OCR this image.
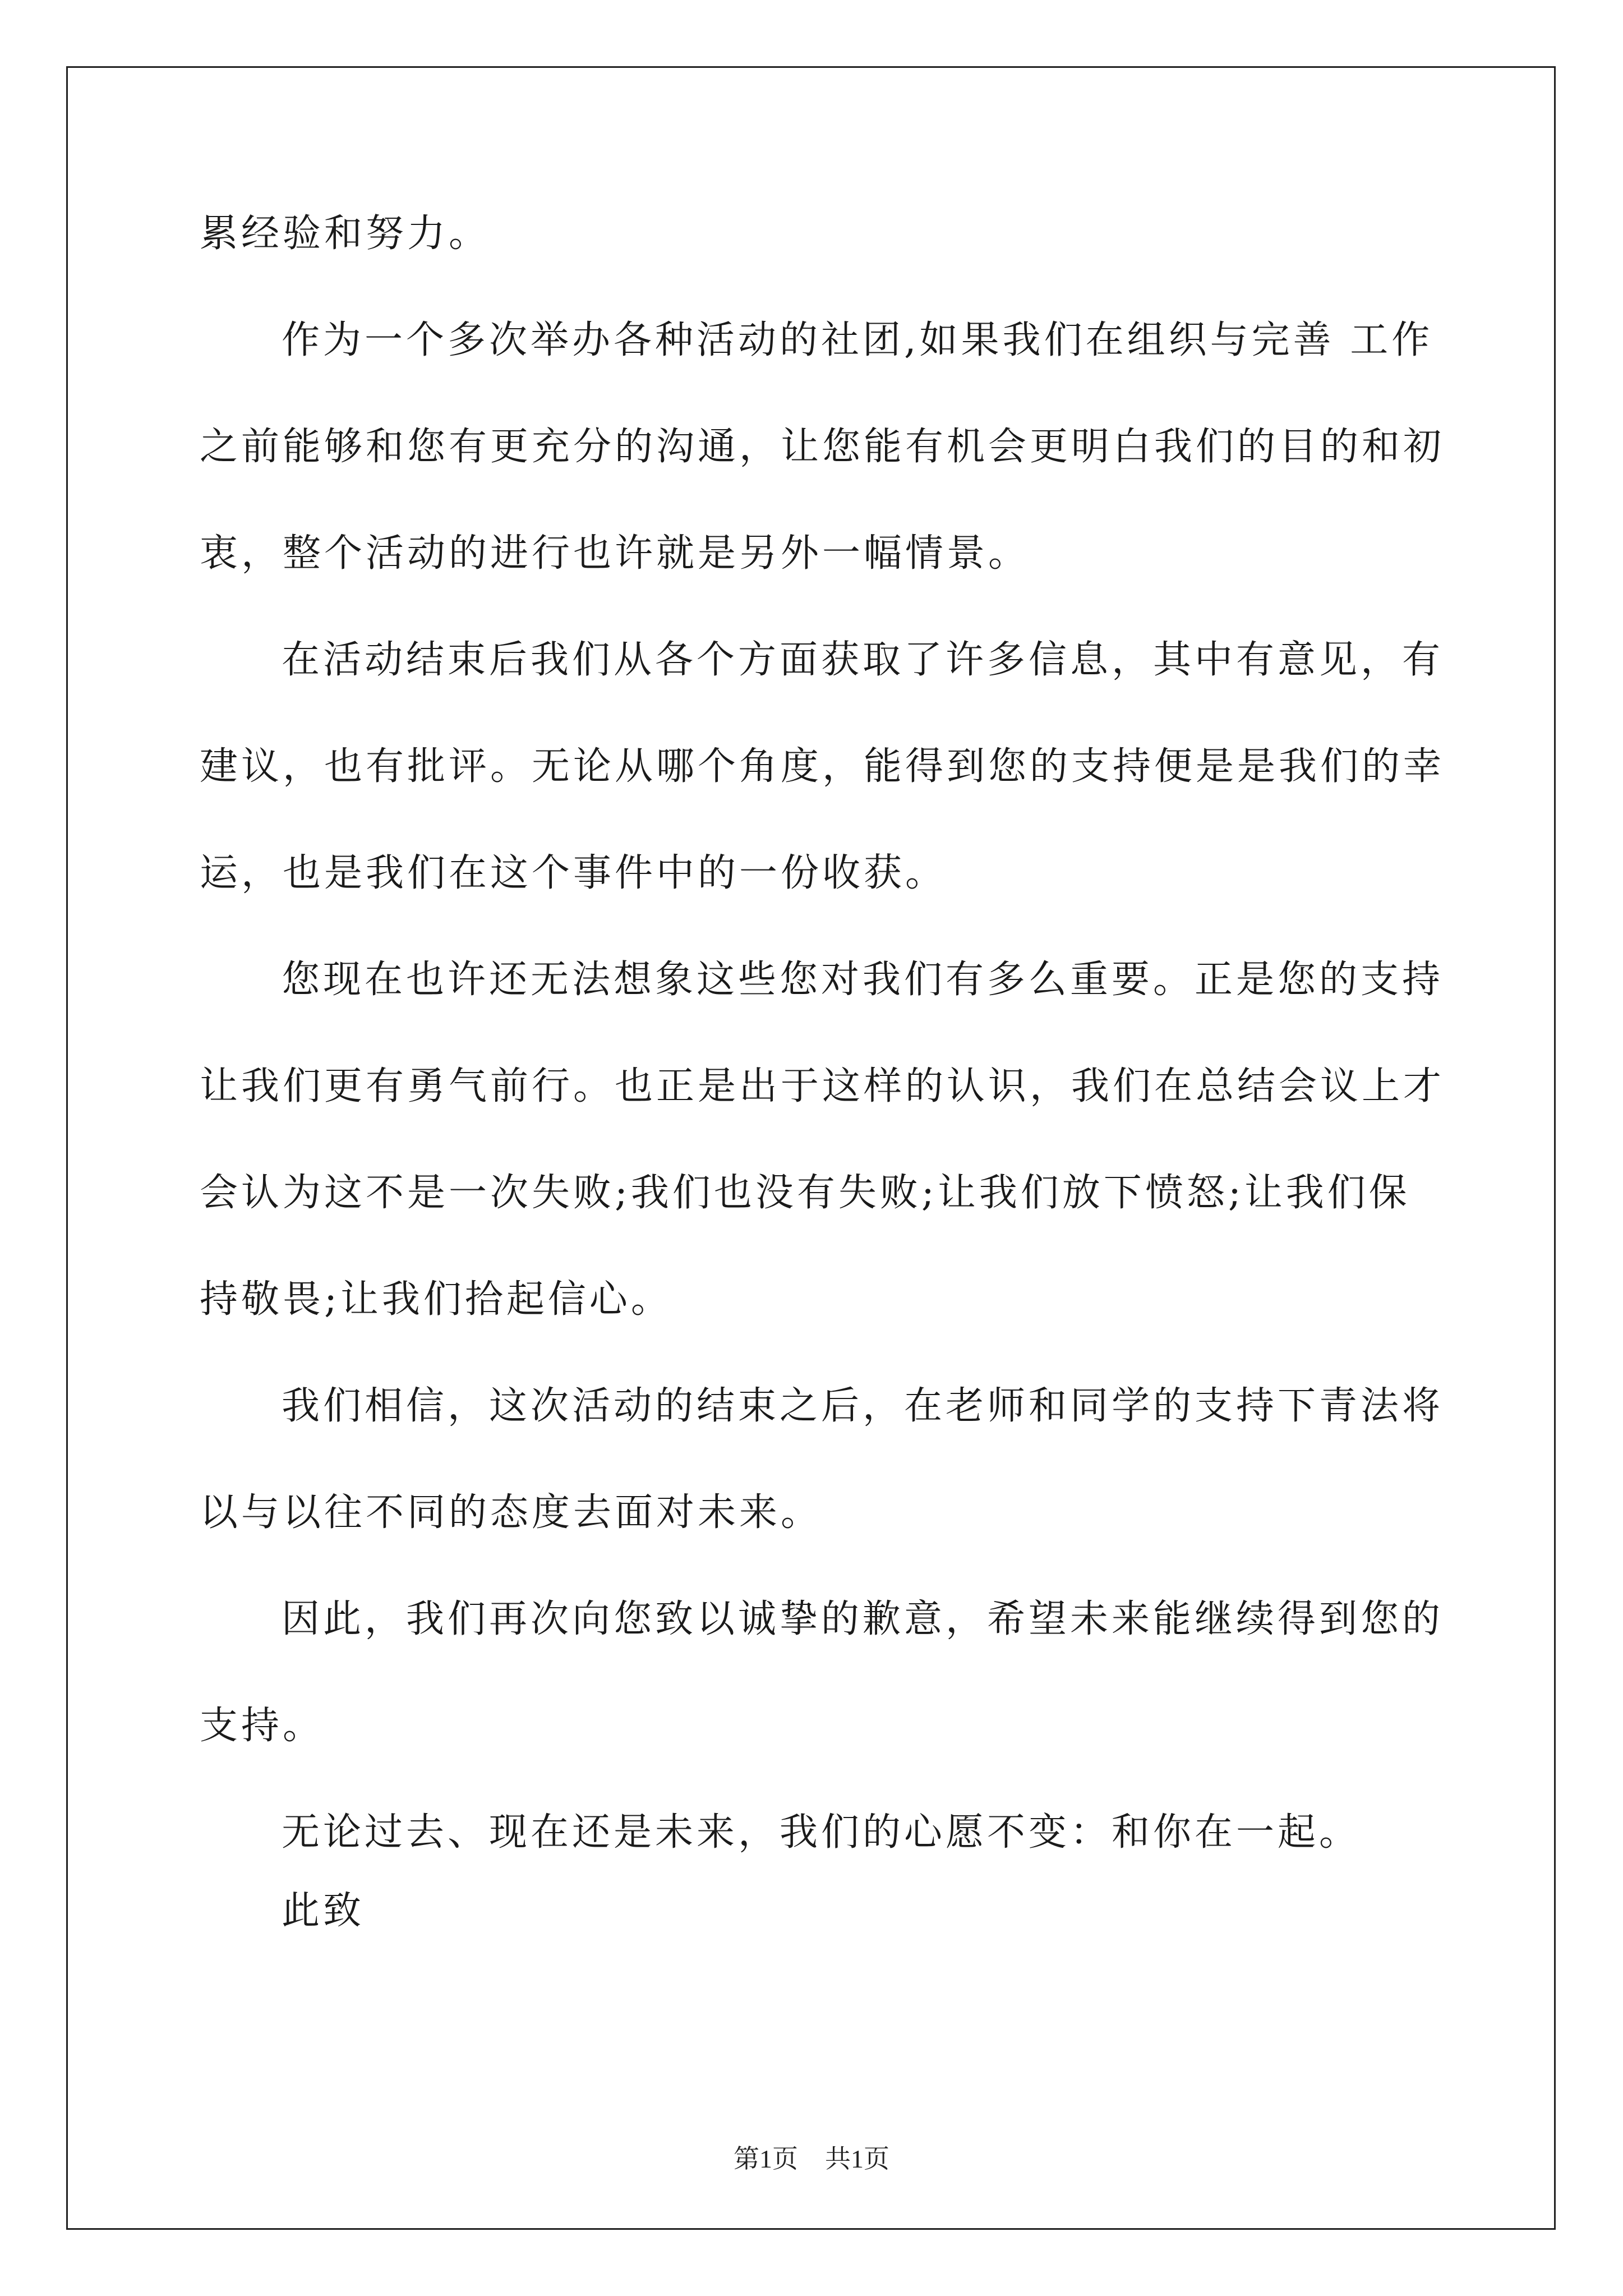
累经验和努力。
作为一个多次举办各种活动的社团,如果我们在组织与完善 工作
之前能够和您有更充分的沟通，让您能有机会更明白我们的目的和初
衷，整个活动的进行也许就是另外一幅情景。
在活动结束后我们从各个方面获取了许多信息，其中有意见，有
建议，也有批评。无论从哪个角度，能得到您的支持便是是我们的幸
运，也是我们在这个事件中的一份收获。
您现在也许还无法想象这些您对我们有多么重要。正是您的支持
让我们更有勇气前行。也正是出于这样的认识，我们在总结会议上才
会认为这不是一次失败;我们也没有失败;让我们放下愤怒;让我们保
持敬畏;让我们拾起信心。
我们相信，这次活动的结束之后，在老师和同学的支持下青法将
以与以往不同的态度去面对未来。
因此，我们再次向您致以诚挚的歉意，希望未来能继续得到您的
支持。
无论过去、现在还是未来，我们的心愿不变：和你在一起。
此致
第1页 共1页
